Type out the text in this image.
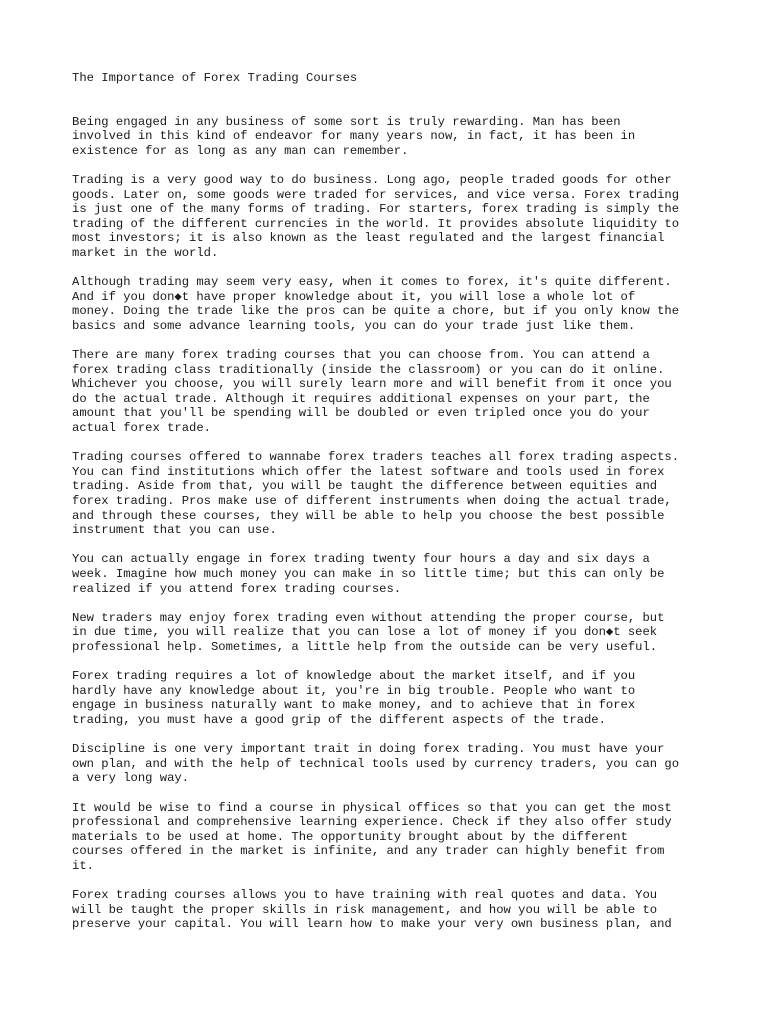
The Importance of Forex Trading Courses
Being engaged in any business of some sort is truly rewarding. Man has been
involved in this kind of endeavor for many years now, in fact, it has been in
existence for as long as any man can remember.
Trading is a very good way to do business. Long ago, people traded goods for other
goods. Later on, some goods were traded for services, and vice versa. Forex trading
is just one of the many forms of trading. For starters, forex trading is simply the
trading of the different currencies in the world. It provides absolute liquidity to
most investors; it is also known as the least regulated and the largest financial
market in the world.
Although trading may seem very easy, when it comes to forex, it's quite different.
And if you don◆t have proper knowledge about it, you will lose a whole lot of
money. Doing the trade like the pros can be quite a chore, but if you only know the
basics and some advance learning tools, you can do your trade just like them.
There are many forex trading courses that you can choose from. You can attend a
forex trading class traditionally (inside the classroom) or you can do it online.
Whichever you choose, you will surely learn more and will benefit from it once you
do the actual trade. Although it requires additional expenses on your part, the
amount that you'll be spending will be doubled or even tripled once you do your
actual forex trade.
Trading courses offered to wannabe forex traders teaches all forex trading aspects.
You can find institutions which offer the latest software and tools used in forex
trading. Aside from that, you will be taught the difference between equities and
forex trading. Pros make use of different instruments when doing the actual trade,
and through these courses, they will be able to help you choose the best possible
instrument that you can use.
You can actually engage in forex trading twenty four hours a day and six days a
week. Imagine how much money you can make in so little time; but this can only be
realized if you attend forex trading courses.
New traders may enjoy forex trading even without attending the proper course, but
in due time, you will realize that you can lose a lot of money if you don◆t seek
professional help. Sometimes, a little help from the outside can be very useful.
Forex trading requires a lot of knowledge about the market itself, and if you
hardly have any knowledge about it, you're in big trouble. People who want to
engage in business naturally want to make money, and to achieve that in forex
trading, you must have a good grip of the different aspects of the trade.
Discipline is one very important trait in doing forex trading. You must have your
own plan, and with the help of technical tools used by currency traders, you can go
a very long way.
It would be wise to find a course in physical offices so that you can get the most
professional and comprehensive learning experience. Check if they also offer study
materials to be used at home. The opportunity brought about by the different
courses offered in the market is infinite, and any trader can highly benefit from
it.
Forex trading courses allows you to have training with real quotes and data. You
will be taught the proper skills in risk management, and how you will be able to
preserve your capital. You will learn how to make your very own business plan, and
